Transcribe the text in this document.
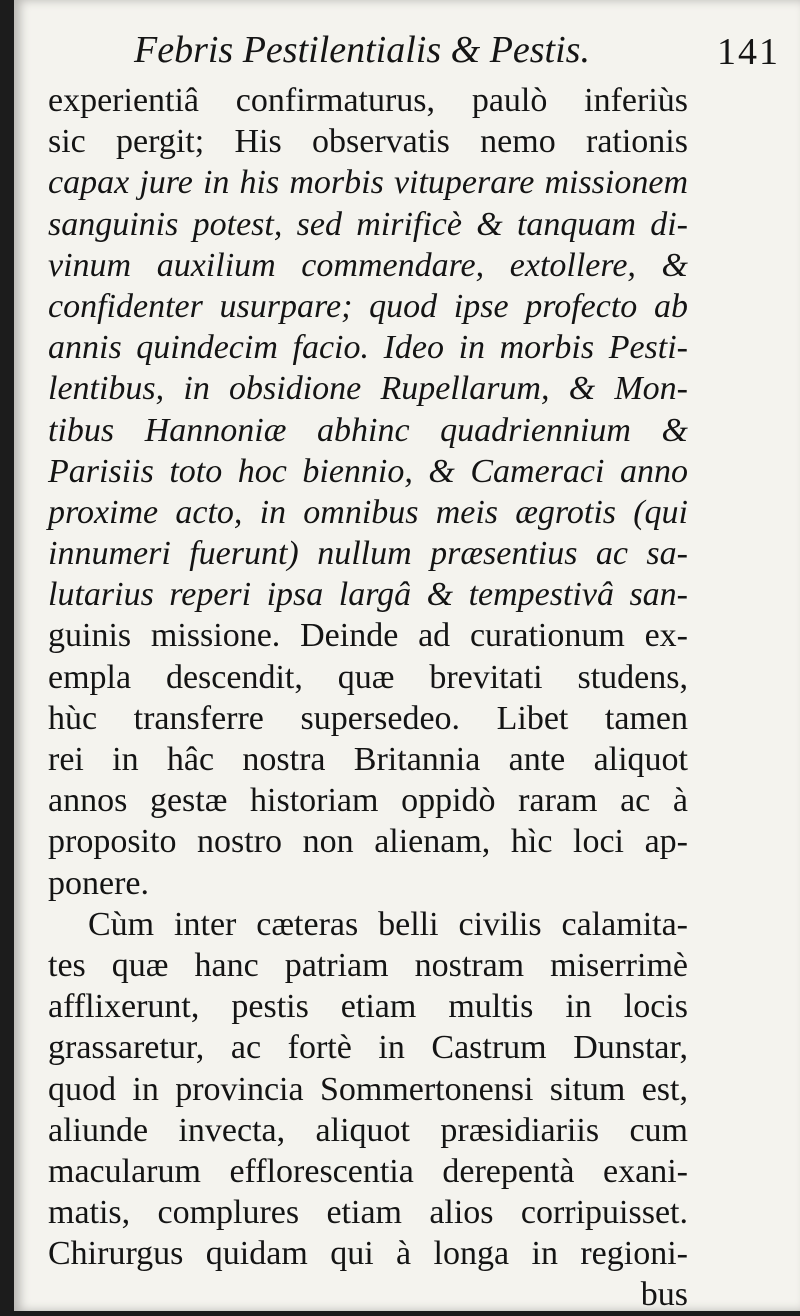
Febris Pestilentialis & Pestis.	141
experientiâ confirmaturus, paulò inferiùs
sic pergit; His observatis nemo rationis
capax jure in his morbis vituperare missionem
sanguinis potest, sed mirificè & tanquam di-
vinum auxilium commendare, extollere, &
confidenter usurpare; quod ipse profecto ab
annis quindecim facio. Ideo in morbis Pesti-
lentibus, in obsidione Rupellarum, & Mon-
tibus Hannoniæ abhinc quadriennium &
Parisiis toto hoc biennio, & Cameraci anno
proxime acto, in omnibus meis ægrotis (qui
innumeri fuerunt) nullum præsentius ac sa-
lutarius reperi ipsa largâ & tempestivâ san-
guinis missione. Deinde ad curationum ex-
empla descendit, quæ brevitati studens,
hùc transferre supersedeo. Libet tamen
rei in hâc nostra Britannia ante aliquot
annos gestæ historiam oppidò raram ac à
proposito nostro non alienam, hìc loci ap-
ponere.
Cùm inter cæteras belli civilis calamita-
tes quæ hanc patriam nostram miserrimè
afflixerunt, pestis etiam multis in locis
grassaretur, ac fortè in Castrum Dunstar,
quod in provincia Sommertonensi situm est,
aliunde invecta, aliquot præsidiariis cum
macularum efflorescentia derepentà exani-
matis, complures etiam alios corripuisset.
Chirurgus quidam qui à longa in regioni-
bus
